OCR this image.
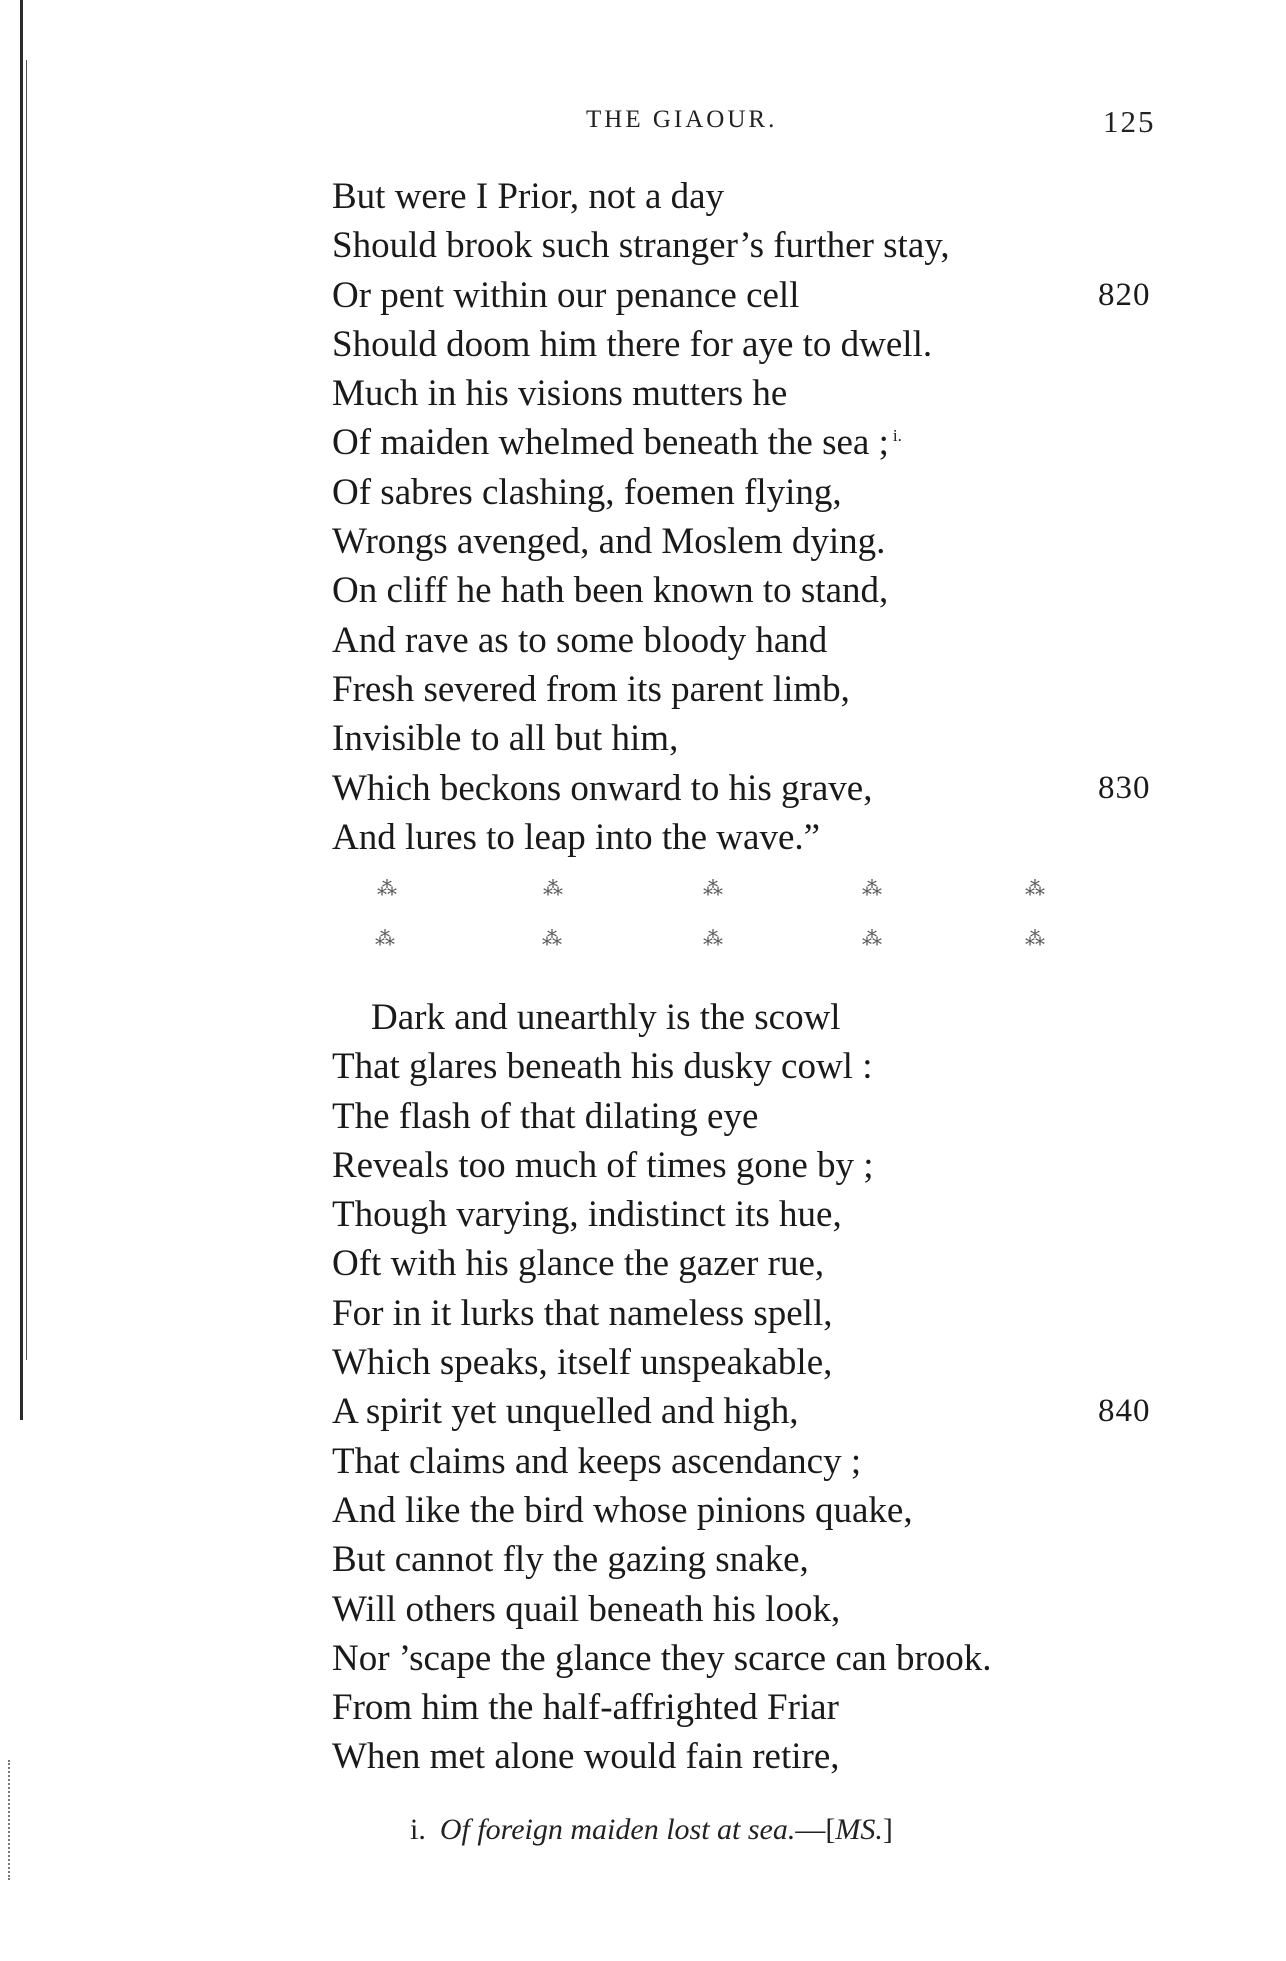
THE GIAOUR.	125
But were I Prior, not a day
Should brook such stranger’s further stay,
Or pent within our penance cell	820
Should doom him there for aye to dwell.
Much in his visions mutters he
Of maiden whelmed beneath the sea ; $^{i.}$
Of sabres clashing, foemen flying,
Wrongs avenged, and Moslem dying.
On cliff he hath been known to stand,
And rave as to some bloody hand
Fresh severed from its parent limb,
Invisible to all but him,
Which beckons onward to his grave,	830
And lures to leap into the wave.”
⁂	⁂	⁂	⁂	⁂
⁂	⁂	⁂	⁂	⁂
Dark and unearthly is the scowl
That glares beneath his dusky cowl :
The flash of that dilating eye
Reveals too much of times gone by ;
Though varying, indistinct its hue,
Oft with his glance the gazer rue,
For in it lurks that nameless spell,
Which speaks, itself unspeakable,
A spirit yet unquelled and high,	840
That claims and keeps ascendancy ;
And like the bird whose pinions quake,
But cannot fly the gazing snake,
Will others quail beneath his look,
Nor ’scape the glance they scarce can brook.
From him the half-affrighted Friar
When met alone would fain retire,
i. Of foreign maiden lost at sea.—[MS.]
